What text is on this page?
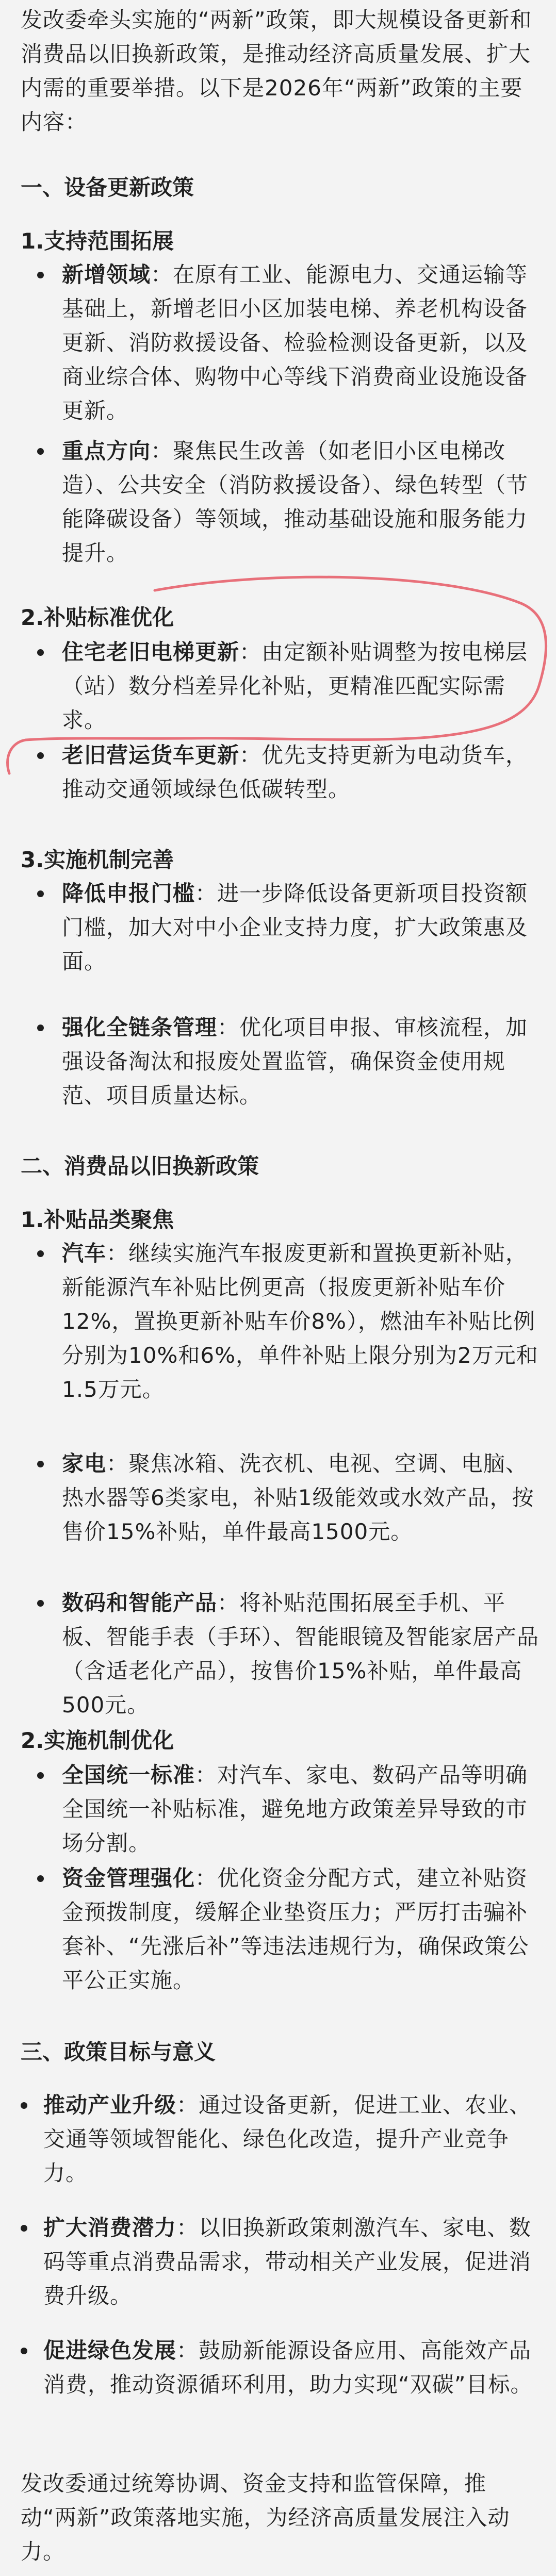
发改委牵头实施的“两新”政策，即大规模设备更新和消费品以旧换新政策，是推动经济高质量发展、扩大内需的重要举措。以下是2026年“两新”政策的主要内容：
一、设备更新政策
1.支持范围拓展
新增领域：在原有工业、能源电力、交通运输等基础上，新增老旧小区加装电梯、养老机构设备更新、消防救援设备、检验检测设备更新，以及商业综合体、购物中心等线下消费商业设施设备更新。
重点方向：聚焦民生改善（如老旧小区电梯改造）、公共安全（消防救援设备）、绿色转型（节能降碳设备）等领域，推动基础设施和服务能力提升。
2.补贴标准优化
住宅老旧电梯更新：由定额补贴调整为按电梯层（站）数分档差异化补贴，更精准匹配实际需求。
老旧营运货车更新：优先支持更新为电动货车，推动交通领域绿色低碳转型。
3.实施机制完善
降低申报门槛：进一步降低设备更新项目投资额门槛，加大对中小企业支持力度，扩大政策惠及面。
强化全链条管理：优化项目申报、审核流程，加强设备淘汰和报废处置监管，确保资金使用规范、项目质量达标。
二、消费品以旧换新政策
1.补贴品类聚焦
汽车：继续实施汽车报废更新和置换更新补贴，新能源汽车补贴比例更高（报废更新补贴车价12%，置换更新补贴车价8%），燃油车补贴比例分别为10%和6%，单件补贴上限分别为2万元和1.5万元。
家电：聚焦冰箱、洗衣机、电视、空调、电脑、热水器等6类家电，补贴1级能效或水效产品，按售价15%补贴，单件最高1500元。
数码和智能产品：将补贴范围拓展至手机、平板、智能手表（手环）、智能眼镜及智能家居产品（含适老化产品），按售价15%补贴，单件最高500元。
2.实施机制优化
全国统一标准：对汽车、家电、数码产品等明确全国统一补贴标准，避免地方政策差异导致的市场分割。
资金管理强化：优化资金分配方式，建立补贴资金预拨制度，缓解企业垫资压力；严厉打击骗补套补、“先涨后补”等违法违规行为，确保政策公平公正实施。
三、政策目标与意义
推动产业升级：通过设备更新，促进工业、农业、交通等领域智能化、绿色化改造，提升产业竞争力。
扩大消费潜力：以旧换新政策刺激汽车、家电、数码等重点消费品需求，带动相关产业发展，促进消费升级。
促进绿色发展：鼓励新能源设备应用、高能效产品消费，推动资源循环利用，助力实现“双碳”目标。
发改委通过统筹协调、资金支持和监管保障，推动“两新”政策落地实施，为经济高质量发展注入动力。
